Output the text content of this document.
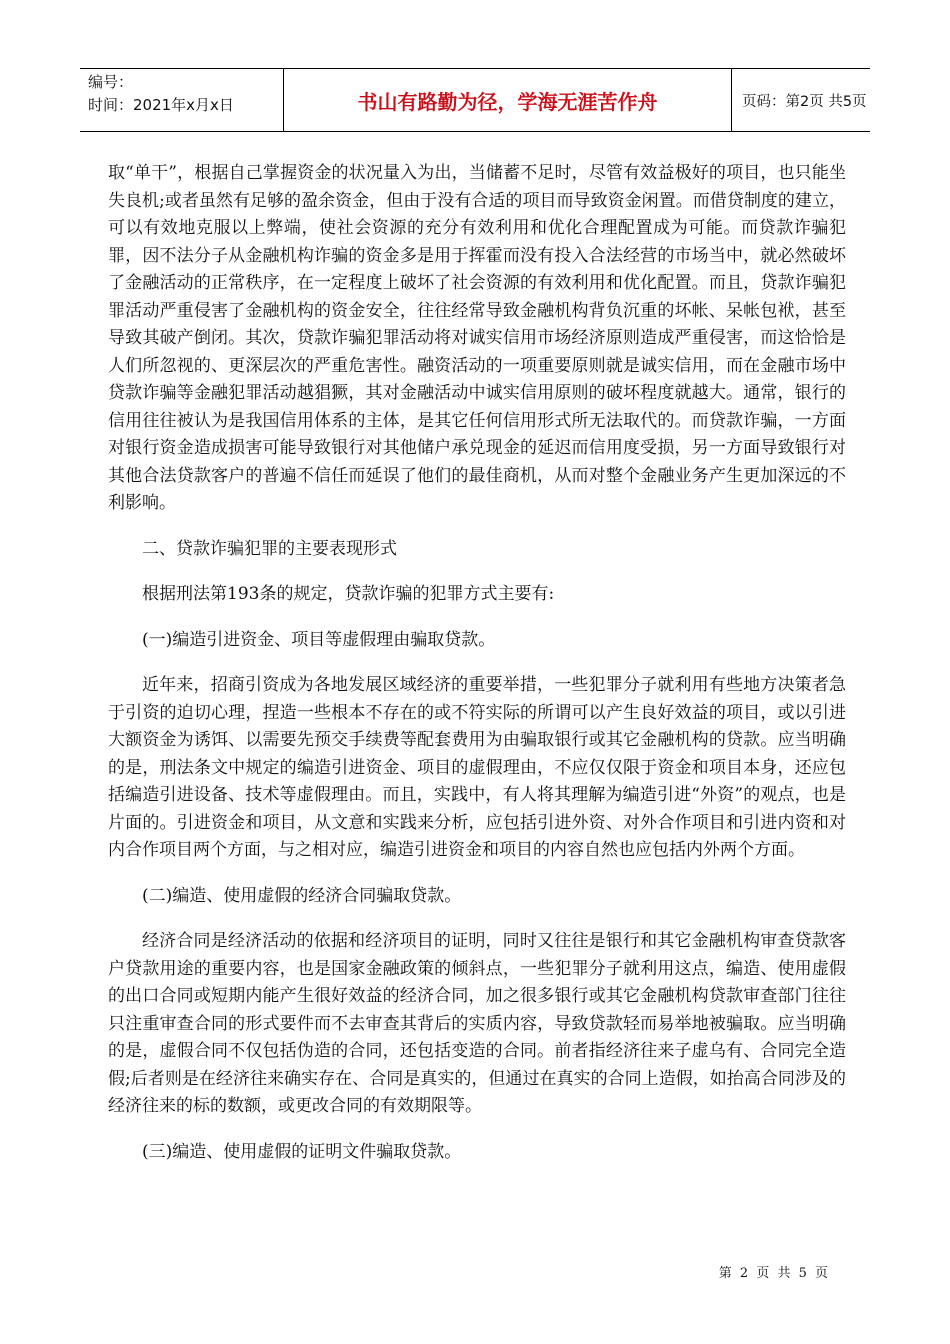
编号：
时间：2021年x月x日	书山有路勤为径，学海无涯苦作舟	页码：第2页 共5页

取“单干”，根据自己掌握资金的状况量入为出，当储蓄不足时，尽管有效益极好的项目，也只能坐失良机;或者虽然有足够的盈余资金，但由于没有合适的项目而导致资金闲置。而借贷制度的建立，可以有效地克服以上弊端，使社会资源的充分有效利用和优化合理配置成为可能。而贷款诈骗犯罪，因不法分子从金融机构诈骗的资金多是用于挥霍而没有投入合法经营的市场当中，就必然破坏了金融活动的正常秩序，在一定程度上破坏了社会资源的有效利用和优化配置。而且，贷款诈骗犯罪活动严重侵害了金融机构的资金安全，往往经常导致金融机构背负沉重的坏帐、呆帐包袱，甚至导致其破产倒闭。其次，贷款诈骗犯罪活动将对诚实信用市场经济原则造成严重侵害，而这恰恰是人们所忽视的、更深层次的严重危害性。融资活动的一项重要原则就是诚实信用，而在金融市场中贷款诈骗等金融犯罪活动越猖獗，其对金融活动中诚实信用原则的破坏程度就越大。通常，银行的信用往往被认为是我国信用体系的主体，是其它任何信用形式所无法取代的。而贷款诈骗，一方面对银行资金造成损害可能导致银行对其他储户承兑现金的延迟而信用度受损，另一方面导致银行对其他合法贷款客户的普遍不信任而延误了他们的最佳商机，从而对整个金融业务产生更加深远的不利影响。

二、贷款诈骗犯罪的主要表现形式

根据刑法第193条的规定，贷款诈骗的犯罪方式主要有:

(一)编造引进资金、项目等虚假理由骗取贷款。

近年来，招商引资成为各地发展区域经济的重要举措，一些犯罪分子就利用有些地方决策者急于引资的迫切心理，捏造一些根本不存在的或不符实际的所谓可以产生良好效益的项目，或以引进大额资金为诱饵、以需要先预交手续费等配套费用为由骗取银行或其它金融机构的贷款。应当明确的是，刑法条文中规定的编造引进资金、项目的虚假理由，不应仅仅限于资金和项目本身，还应包括编造引进设备、技术等虚假理由。而且，实践中，有人将其理解为编造引进“外资”的观点，也是片面的。引进资金和项目，从文意和实践来分析，应包括引进外资、对外合作项目和引进内资和对内合作项目两个方面，与之相对应，编造引进资金和项目的内容自然也应包括内外两个方面。

(二)编造、使用虚假的经济合同骗取贷款。

经济合同是经济活动的依据和经济项目的证明，同时又往往是银行和其它金融机构审查贷款客户贷款用途的重要内容，也是国家金融政策的倾斜点，一些犯罪分子就利用这点，编造、使用虚假的出口合同或短期内能产生很好效益的经济合同，加之很多银行或其它金融机构贷款审查部门往往只注重审查合同的形式要件而不去审查其背后的实质内容，导致贷款轻而易举地被骗取。应当明确的是，虚假合同不仅包括伪造的合同，还包括变造的合同。前者指经济往来子虚乌有、合同完全造假;后者则是在经济往来确实存在、合同是真实的，但通过在真实的合同上造假，如抬高合同涉及的经济往来的标的数额，或更改合同的有效期限等。

(三)编造、使用虚假的证明文件骗取贷款。

第 2 页 共 5 页
